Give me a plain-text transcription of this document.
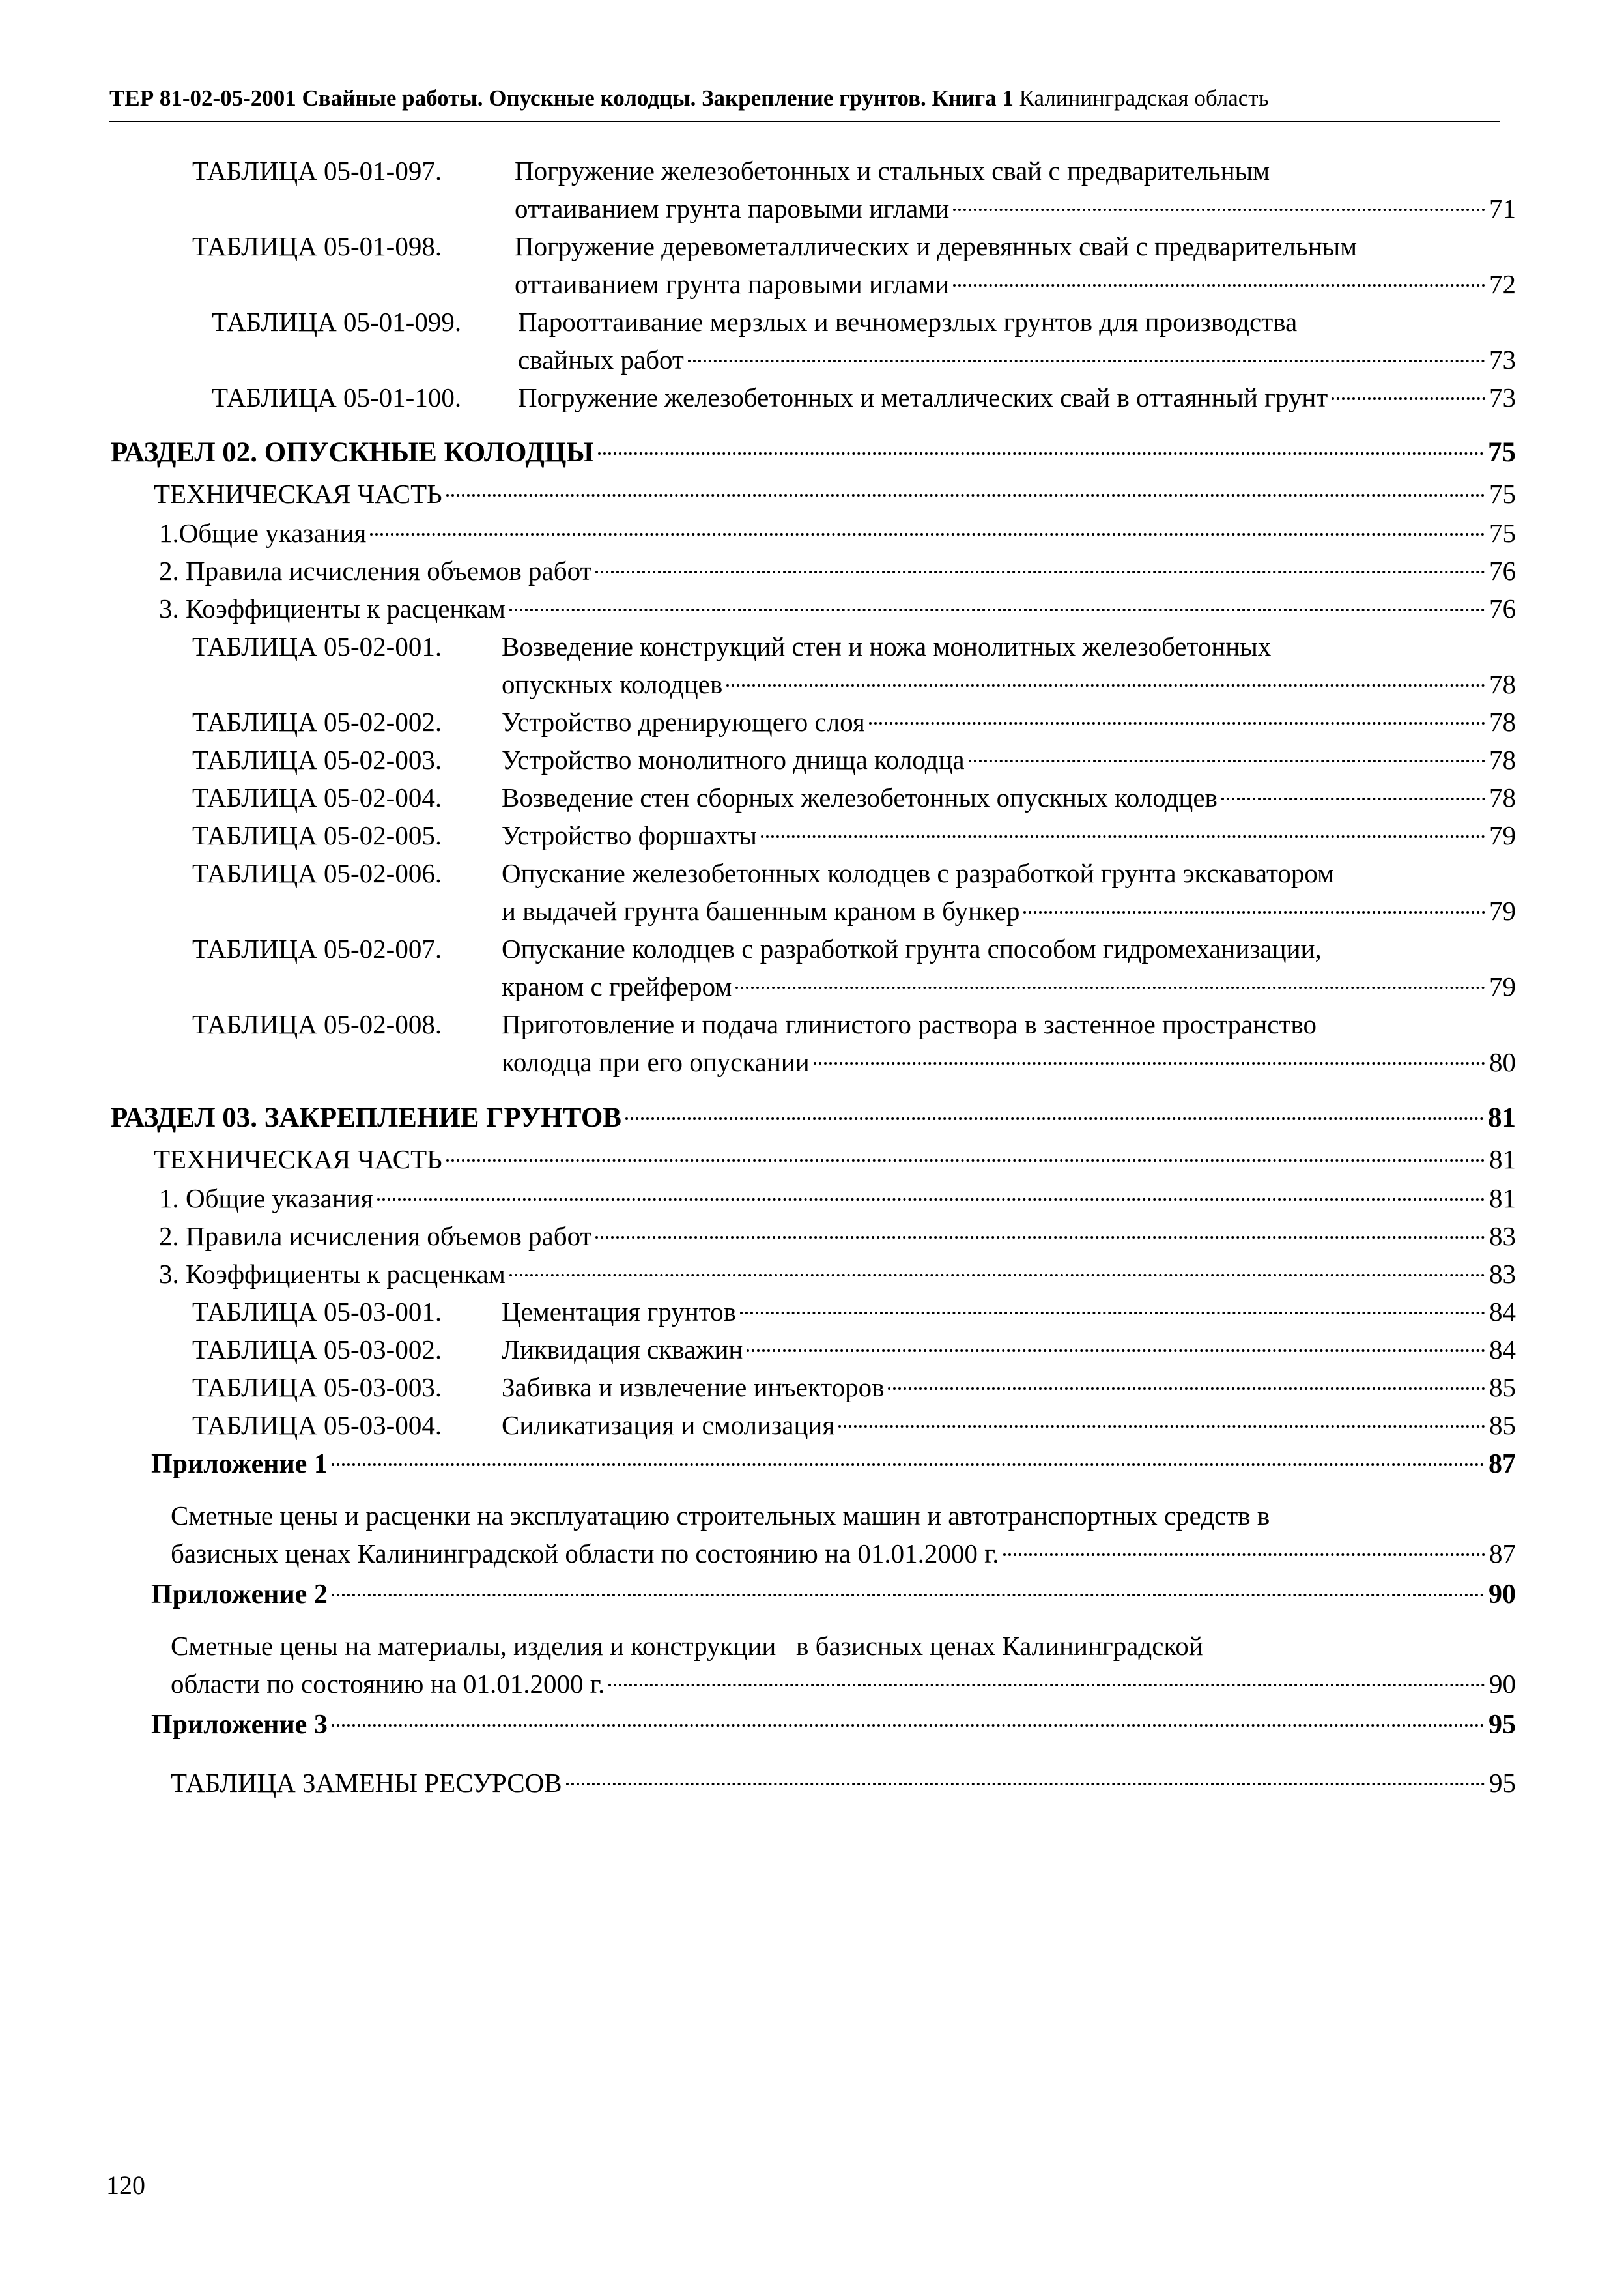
ТЕР 81-02-05-2001 Свайные работы. Опускные колодцы. Закрепление грунтов. Книга 1 Калининградская область
ТАБЛИЦА 05-01-097.	Погружение железобетонных и стальных свай с предварительным
оттаиванием грунта паровыми иглами	71
ТАБЛИЦА 05-01-098.	Погружение деревометаллических и деревянных свай с предварительным
оттаиванием грунта паровыми иглами	72
ТАБЛИЦА 05-01-099.	Парооттаивание мерзлых и вечномерзлых грунтов для производства
свайных работ	73
ТАБЛИЦА 05-01-100.	Погружение железобетонных и металлических свай в оттаянный грунт	73
РАЗДЕЛ 02. ОПУСКНЫЕ КОЛОДЦЫ	75
ТЕХНИЧЕСКАЯ ЧАСТЬ	75
1.Общие указания	75
2. Правила исчисления объемов работ	76
3. Коэффициенты к расценкам	76
ТАБЛИЦА 05-02-001.	Возведение конструкций стен и ножа монолитных железобетонных
опускных колодцев	78
ТАБЛИЦА 05-02-002.	Устройство дренирующего слоя	78
ТАБЛИЦА 05-02-003.	Устройство монолитного днища колодца	78
ТАБЛИЦА 05-02-004.	Возведение стен сборных железобетонных опускных колодцев	78
ТАБЛИЦА 05-02-005.	Устройство форшахты	79
ТАБЛИЦА 05-02-006.	Опускание железобетонных колодцев с разработкой грунта экскаватором
и выдачей грунта башенным краном в бункер	79
ТАБЛИЦА 05-02-007.	Опускание колодцев с разработкой грунта способом гидромеханизации,
краном с грейфером	79
ТАБЛИЦА 05-02-008.	Приготовление и подача глинистого раствора в застенное пространство
колодца при его опускании	80
РАЗДЕЛ 03. ЗАКРЕПЛЕНИЕ ГРУНТОВ	81
ТЕХНИЧЕСКАЯ ЧАСТЬ	81
1. Общие указания	81
2. Правила исчисления объемов работ	83
3. Коэффициенты к расценкам	83
ТАБЛИЦА 05-03-001.	Цементация грунтов	84
ТАБЛИЦА 05-03-002.	Ликвидация скважин	84
ТАБЛИЦА 05-03-003.	Забивка и извлечение инъекторов	85
ТАБЛИЦА 05-03-004.	Силикатизация и смолизация	85
Приложение 1	87
Сметные цены и расценки на эксплуатацию строительных машин и автотранспортных средств в
базисных ценах Калининградской области по состоянию на 01.01.2000 г.	87
Приложение 2	90
Сметные цены на материалы, изделия и конструкции   в базисных ценах Калининградской
области по состоянию на 01.01.2000 г.	90
Приложение 3	95
ТАБЛИЦА ЗАМЕНЫ РЕСУРСОВ	95
120
